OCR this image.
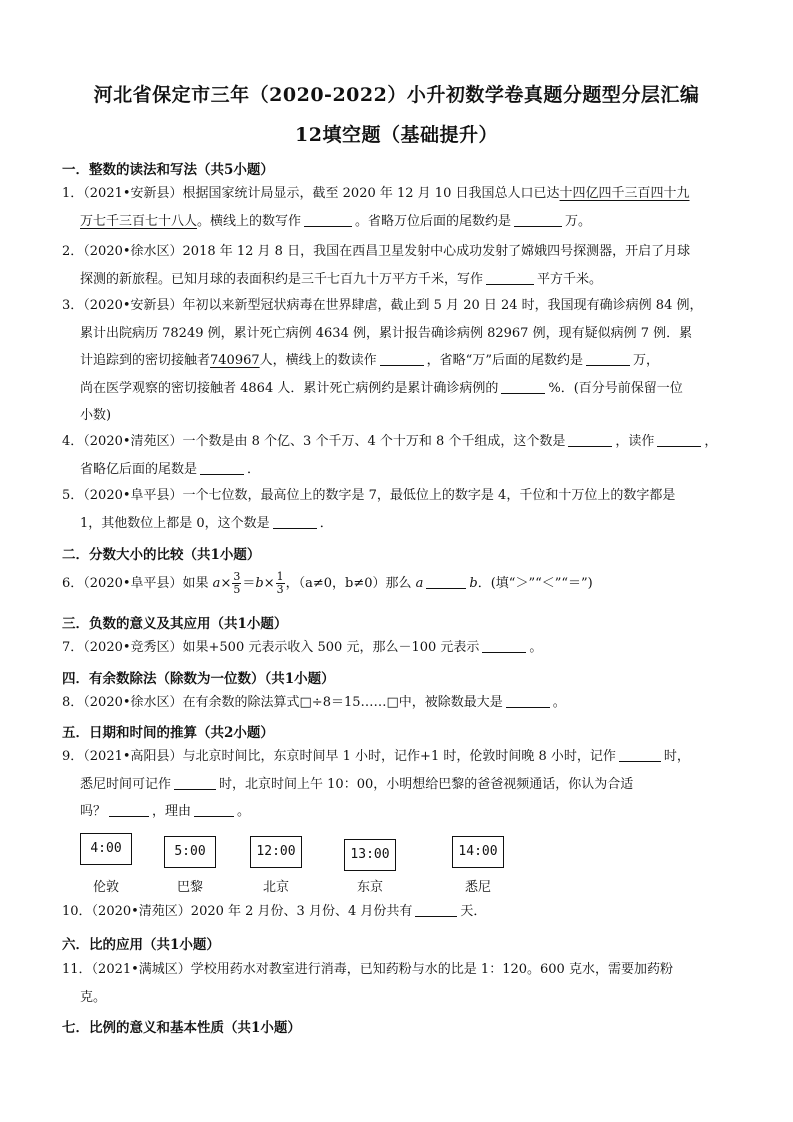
河北省保定市三年（2020-2022）小升初数学卷真题分题型分层汇编
12填空题（基础提升）
一．整数的读法和写法（共5小题）
1．（2021•安新县）根据国家统计局显示，截至 2020 年 12 月 10 日我国总人口已达十四亿四千三百四十九
万七千三百七十八人。横线上的数写作	。省略万位后面的尾数约是	万。
2．（2020•徐水区）2018 年 12 月 8 日，我国在西昌卫星发射中心成功发射了嫦娥四号探测器，开启了月球
探测的新旅程。已知月球的表面积约是三千七百九十万平方千米，写作	平方千米。
3．（2020•安新县）年初以来新型冠状病毒在世界肆虐，截止到 5 月 20 日 24 时，我国现有确诊病例 84 例，
累计出院病历 78249 例，累计死亡病例 4634 例，累计报告确诊病例 82967 例，现有疑似病例 7 例．累
计追踪到的密切接触者740967人，横线上的数读作	，省略“万”后面的尾数约是	万，
尚在医学观察的密切接触者 4864 人．累计死亡病例约是累计确诊病例的	%．(百分号前保留一位
小数)
4．（2020•清苑区）一个数是由 8 个亿、3 个千万、4 个十万和 8 个千组成，这个数是	，读作	，
省略亿后面的尾数是	．
5．（2020•阜平县）一个七位数，最高位上的数字是 7，最低位上的数字是 4，千位和十万位上的数字都是
1，其他数位上都是 0，这个数是	．
二．分数大小的比较（共1小题）
6．（2020•阜平县）如果 $a\times \frac{3}{5} =b\times \frac{1}{3}$ ，（a≠0，b≠0）那么 a	b．(填“＞”“＜”“＝”)
三．负数的意义及其应用（共1小题）
7．（2020•竞秀区）如果+500 元表示收入 500 元，那么－100 元表示	。
四．有余数除法（除数为一位数）（共1小题）
8．（2020•徐水区）在有余数的除法算式□÷8＝15……□中，被除数最大是	。
五．日期和时间的推算（共2小题）
9．（2021•高阳县）与北京时间比，东京时间早 1 小时，记作+1 时，伦敦时间晚 8 小时，记作	时，
悉尼时间可记作	时，北京时间上午 10：00，小明想给巴黎的爸爸视频通话，你认为合适
吗？	，理由	。
4:00	5:00	12:00	13:00	14:00
伦敦	巴黎	北京	东京	悉尼
10．（2020•清苑区）2020 年 2 月份、3 月份、4 月份共有	天．
六．比的应用（共1小题）
11．（2021•满城区）学校用药水对教室进行消毒，已知药粉与水的比是 1：120。600 克水，需要加药粉
克。
七．比例的意义和基本性质（共1小题）
